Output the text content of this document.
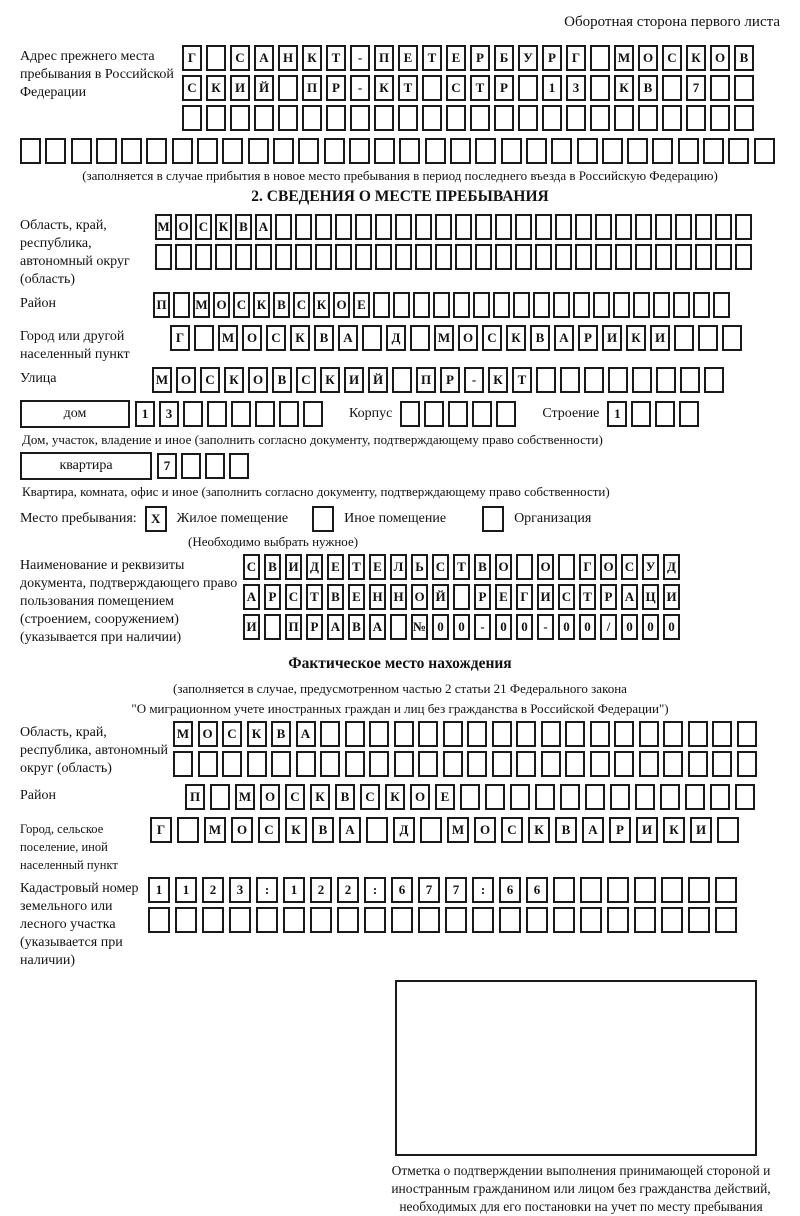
Оборотная сторона первого листа
Адрес прежнего места пребывания в Российской Федерации
Г	С	А	Н	К	Т	-	П	Е	Т	Е	Р	Б	У	Р	Г	М О	С	К	О	В
С	К	И	Й	П	Р	-	К	Т	С	Т	Р	1	3	К	В	7
(заполняется в случае прибытия в новое место пребывания в период последнего въезда в Российскую Федерацию)
2. СВЕДЕНИЯ О МЕСТЕ ПРЕБЫВАНИЯ
Область, край, республика, автономный округ (область)
М О С К В А
Район	П М О С К В С К О Е
Город или другой населенный пункт
Г	М О	С	К	В	А	Д	М О	С	К	В	А	Р	И	К	И
Улица	М О	С	К	О	В	С	К	И	Й	П	Р	-	К	Т
дом	1	3	Корпус	Строение	1
Дом, участок, владение и иное (заполнить согласно документу, подтверждающему право собственности)
квартира	7
Квартира, комната, офис и иное (заполнить согласно документу, подтверждающему право собственности)
Место пребывания:	X	Жилое помещение	Иное помещение	Организация
(Необходимо выбрать нужное)
Наименование и реквизиты документа, подтверждающего право пользования помещением (строением, сооружением) (указывается при наличии)
С В И Д Е Т Е Л Ь С Т В О О	Г О С У Д
А Р С Т В Е Н Н О Й	Р Е Г И С Т Р А Ц И
И П Р А В А № 0	0	-	0	0	-	0	0	/	0	0	0
Фактическое место нахождения
(заполняется в случае, предусмотренном частью 2 статьи 21 Федерального закона
"О миграционном учете иностранных граждан и лиц без гражданства в Российской Федерации")
Область, край, республика, автономный округ (область)
М	О	С	К	В	А
Район	П	М	О	С	К	В	С	К	О	Е
Город, сельское поселение, иной населенный пункт
Г	М	О	С	К	В	А	Д	М	О	С	К	В	А	Р	И	К	И
Кадастровый номер земельного или лесного участка (указывается при наличии)
1	1	2	3	:	1	2	2	:	6	7	7	:	6	6
Отметка о подтверждении выполнения принимающей стороной и иностранным гражданином или лицом без гражданства действий, необходимых для его постановки на учет по месту пребывания
